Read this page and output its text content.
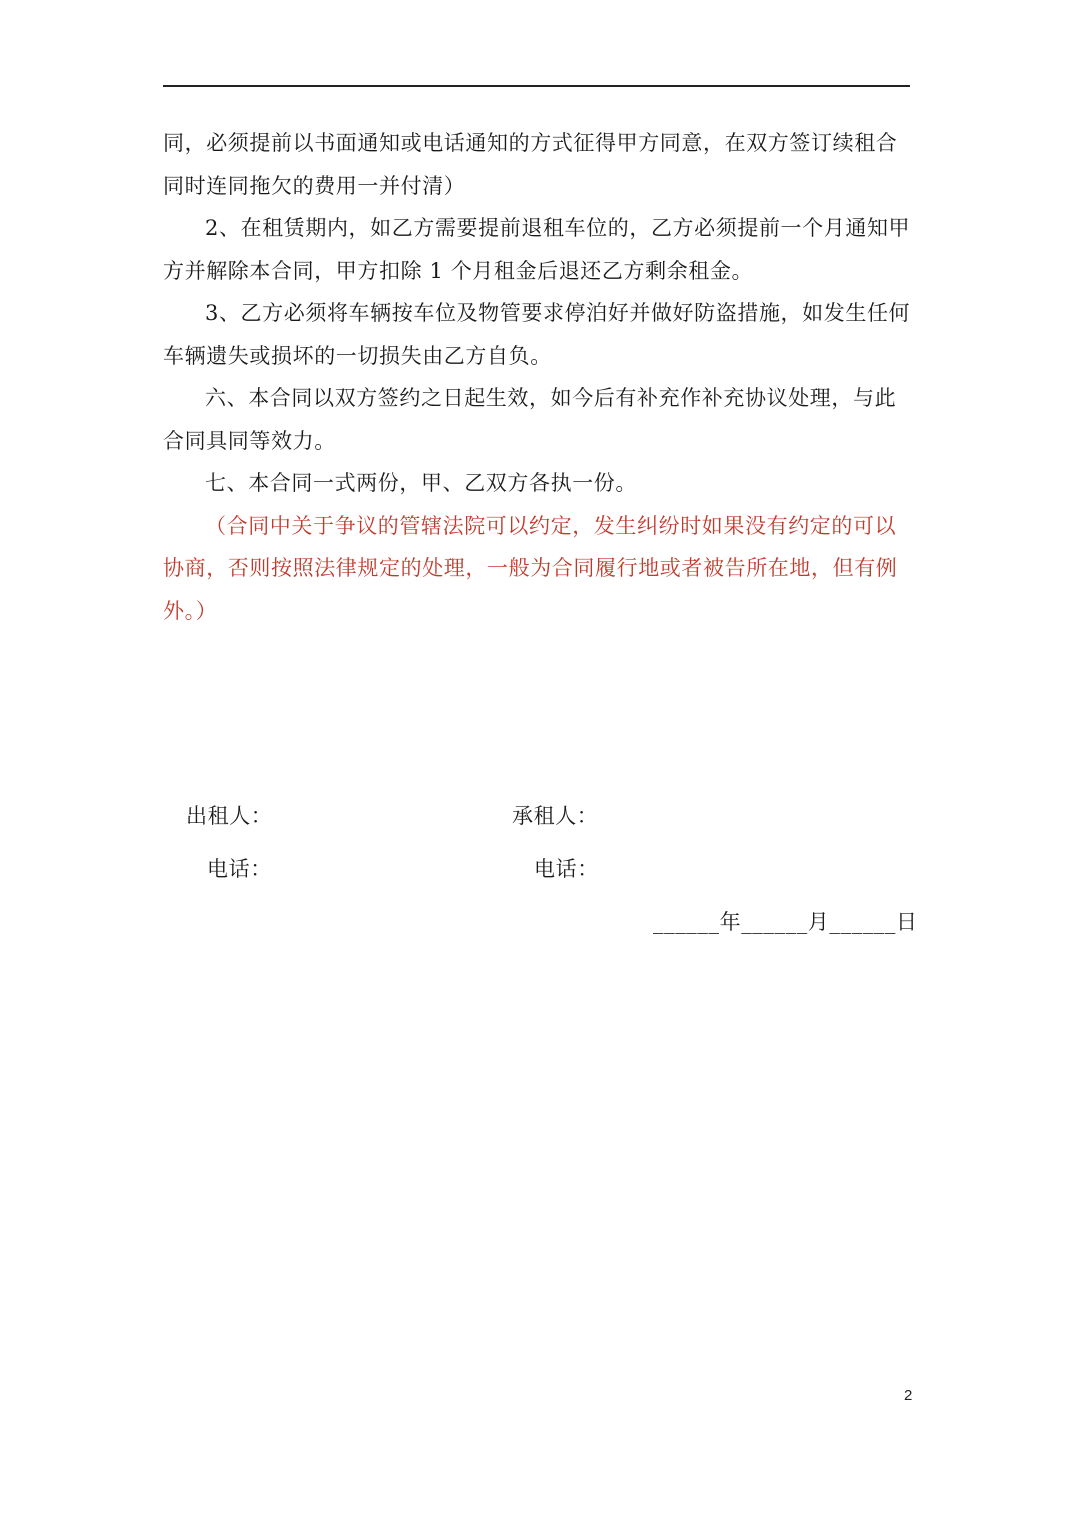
同，必须提前以书面通知或电话通知的方式征得甲方同意，在双方签订续租合同时连同拖欠的费用一并付清）

2、在租赁期内，如乙方需要提前退租车位的，乙方必须提前一个月通知甲方并解除本合同，甲方扣除 1 个月租金后退还乙方剩余租金。

3、乙方必须将车辆按车位及物管要求停泊好并做好防盗措施，如发生任何车辆遗失或损坏的一切损失由乙方自负。

六、本合同以双方签约之日起生效，如今后有补充作补充协议处理，与此合同具同等效力。

七、本合同一式两份，甲、乙双方各执一份。

（合同中关于争议的管辖法院可以约定，发生纠纷时如果没有约定的可以协商，否则按照法律规定的处理，一般为合同履行地或者被告所在地，但有例外。）

出租人：	承租人：
电话：	电话：
______年______月______日
2
